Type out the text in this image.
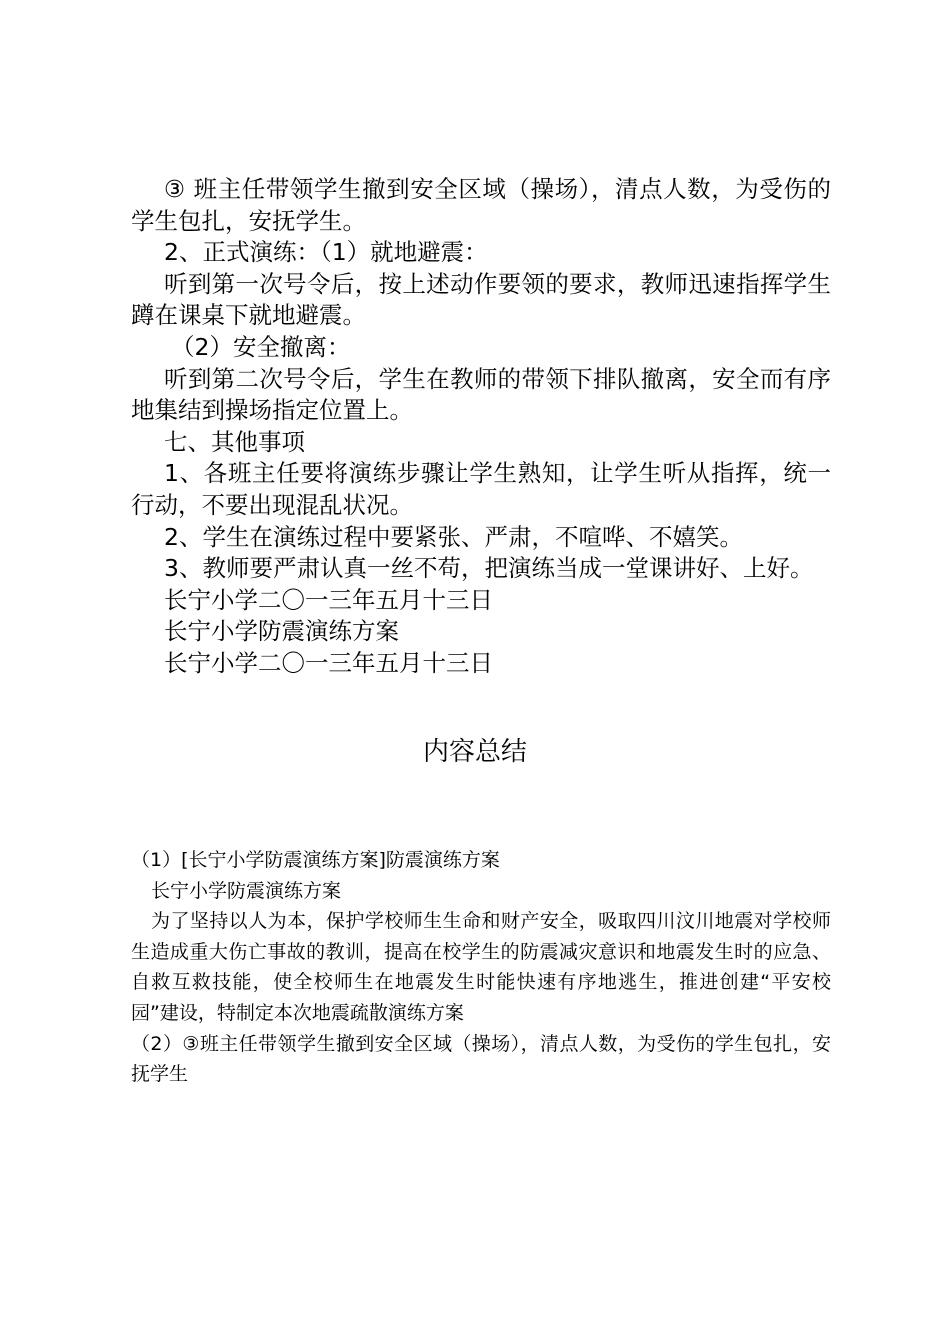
③ 班主任带领学生撤到安全区域（操场），清点人数，为受伤的学生包扎，安抚学生。

2、正式演练：（1）就地避震：

听到第一次号令后，按上述动作要领的要求，教师迅速指挥学生蹲在课桌下就地避震。

（2）安全撤离：

听到第二次号令后，学生在教师的带领下排队撤离，安全而有序地集结到操场指定位置上。

七、其他事项

1、各班主任要将演练步骤让学生熟知，让学生听从指挥，统一行动，不要出现混乱状况。

2、学生在演练过程中要紧张、严肃，不喧哗、不嬉笑。

3、教师要严肃认真一丝不苟，把演练当成一堂课讲好、上好。

长宁小学二〇一三年五月十三日

长宁小学防震演练方案

长宁小学二〇一三年五月十三日

内容总结

（1）[长宁小学防震演练方案]防震演练方案

长宁小学防震演练方案

为了坚持以人为本，保护学校师生生命和财产安全，吸取四川汶川地震对学校师生造成重大伤亡事故的教训，提高在校学生的防震减灾意识和地震发生时的应急、自救互救技能，使全校师生在地震发生时能快速有序地逃生，推进创建“平安校园”建设，特制定本次地震疏散演练方案

（2）③班主任带领学生撤到安全区域（操场），清点人数，为受伤的学生包扎，安抚学生
